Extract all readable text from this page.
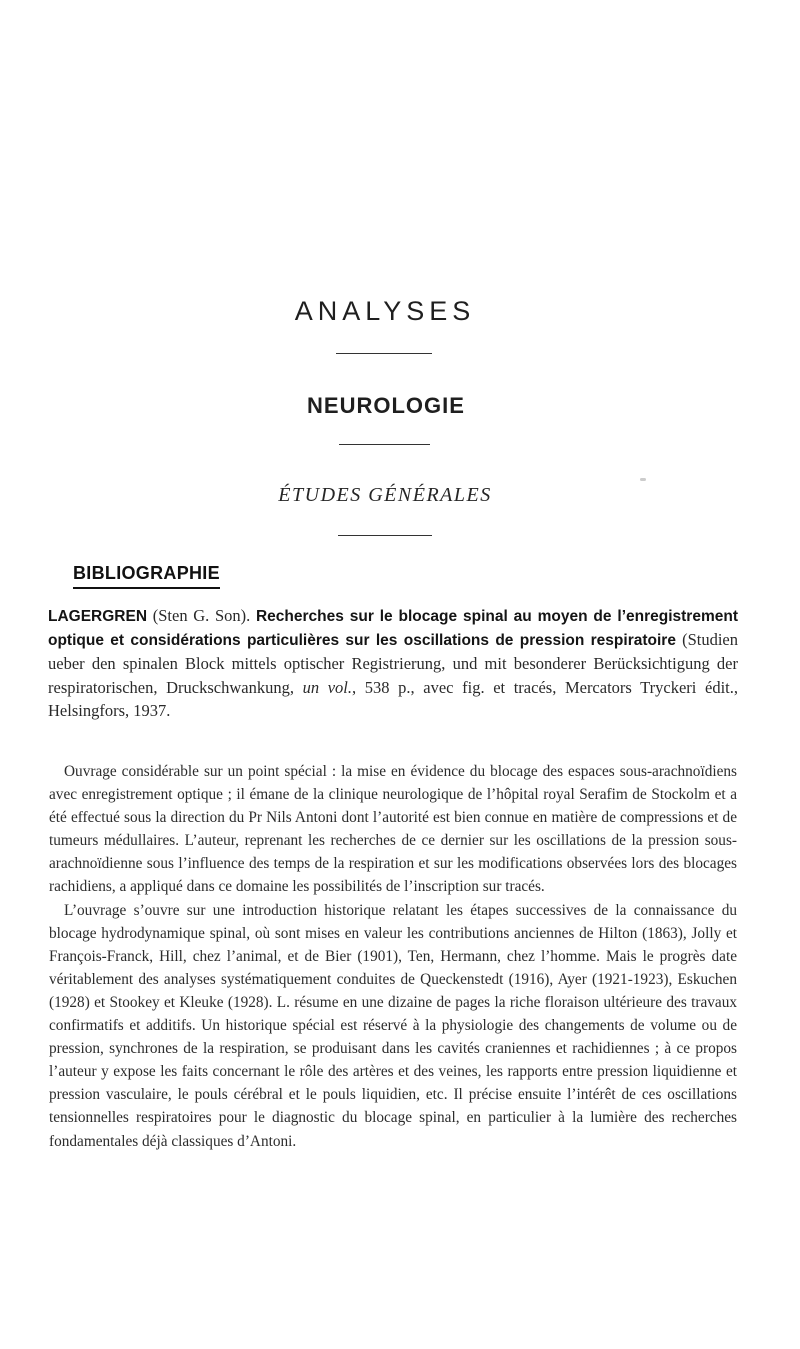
ANALYSES
NEUROLOGIE
ÉTUDES GÉNÉRALES
BIBLIOGRAPHIE
LAGERGREN (Sten G. Son). Recherches sur le blocage spinal au moyen de l’enregistrement optique et considérations particulières sur les oscillations de pression respiratoire (Studien ueber den spinalen Block mittels optischer Registrierung, und mit besonderer Berücksichtigung der respiratorischen, Druckschwankung, un vol., 538 p., avec fig. et tracés, Mercators Tryckeri édit., Helsingfors, 1937.

Ouvrage considérable sur un point spécial : la mise en évidence du blocage des espaces sous-arachnoïdiens avec enregistrement optique ; il émane de la clinique neurologique de l’hôpital royal Serafim de Stockolm et a été effectué sous la direction du Pr Nils Antoni dont l’autorité est bien connue en matière de compressions et de tumeurs médullaires. L’auteur, reprenant les recherches de ce dernier sur les oscillations de la pression sous-arachnoïdienne sous l’influence des temps de la respiration et sur les modifications observées lors des blocages rachidiens, a appliqué dans ce domaine les possibilités de l’inscription sur tracés.

L’ouvrage s’ouvre sur une introduction historique relatant les étapes successives de la connaissance du blocage hydrodynamique spinal, où sont mises en valeur les contributions anciennes de Hilton (1863), Jolly et François-Franck, Hill, chez l’animal, et de Bier (1901), Ten, Hermann, chez l’homme. Mais le progrès date véritablement des analyses systématiquement conduites de Queckenstedt (1916), Ayer (1921-1923), Eskuchen (1928) et Stookey et Kleuke (1928). L. résume en une dizaine de pages la riche floraison ultérieure des travaux confirmatifs et additifs. Un historique spécial est réservé à la physiologie des changements de volume ou de pression, synchrones de la respiration, se produisant dans les cavités craniennes et rachidiennes ; à ce propos l’auteur y expose les faits concernant le rôle des artères et des veines, les rapports entre pression liquidienne et pression vasculaire, le pouls cérébral et le pouls liquidien, etc. Il précise ensuite l’intérêt de ces oscillations tensionnelles respiratoires pour le diagnostic du blocage spinal, en particulier à la lumière des recherches fondamentales déjà classiques d’Antoni.
